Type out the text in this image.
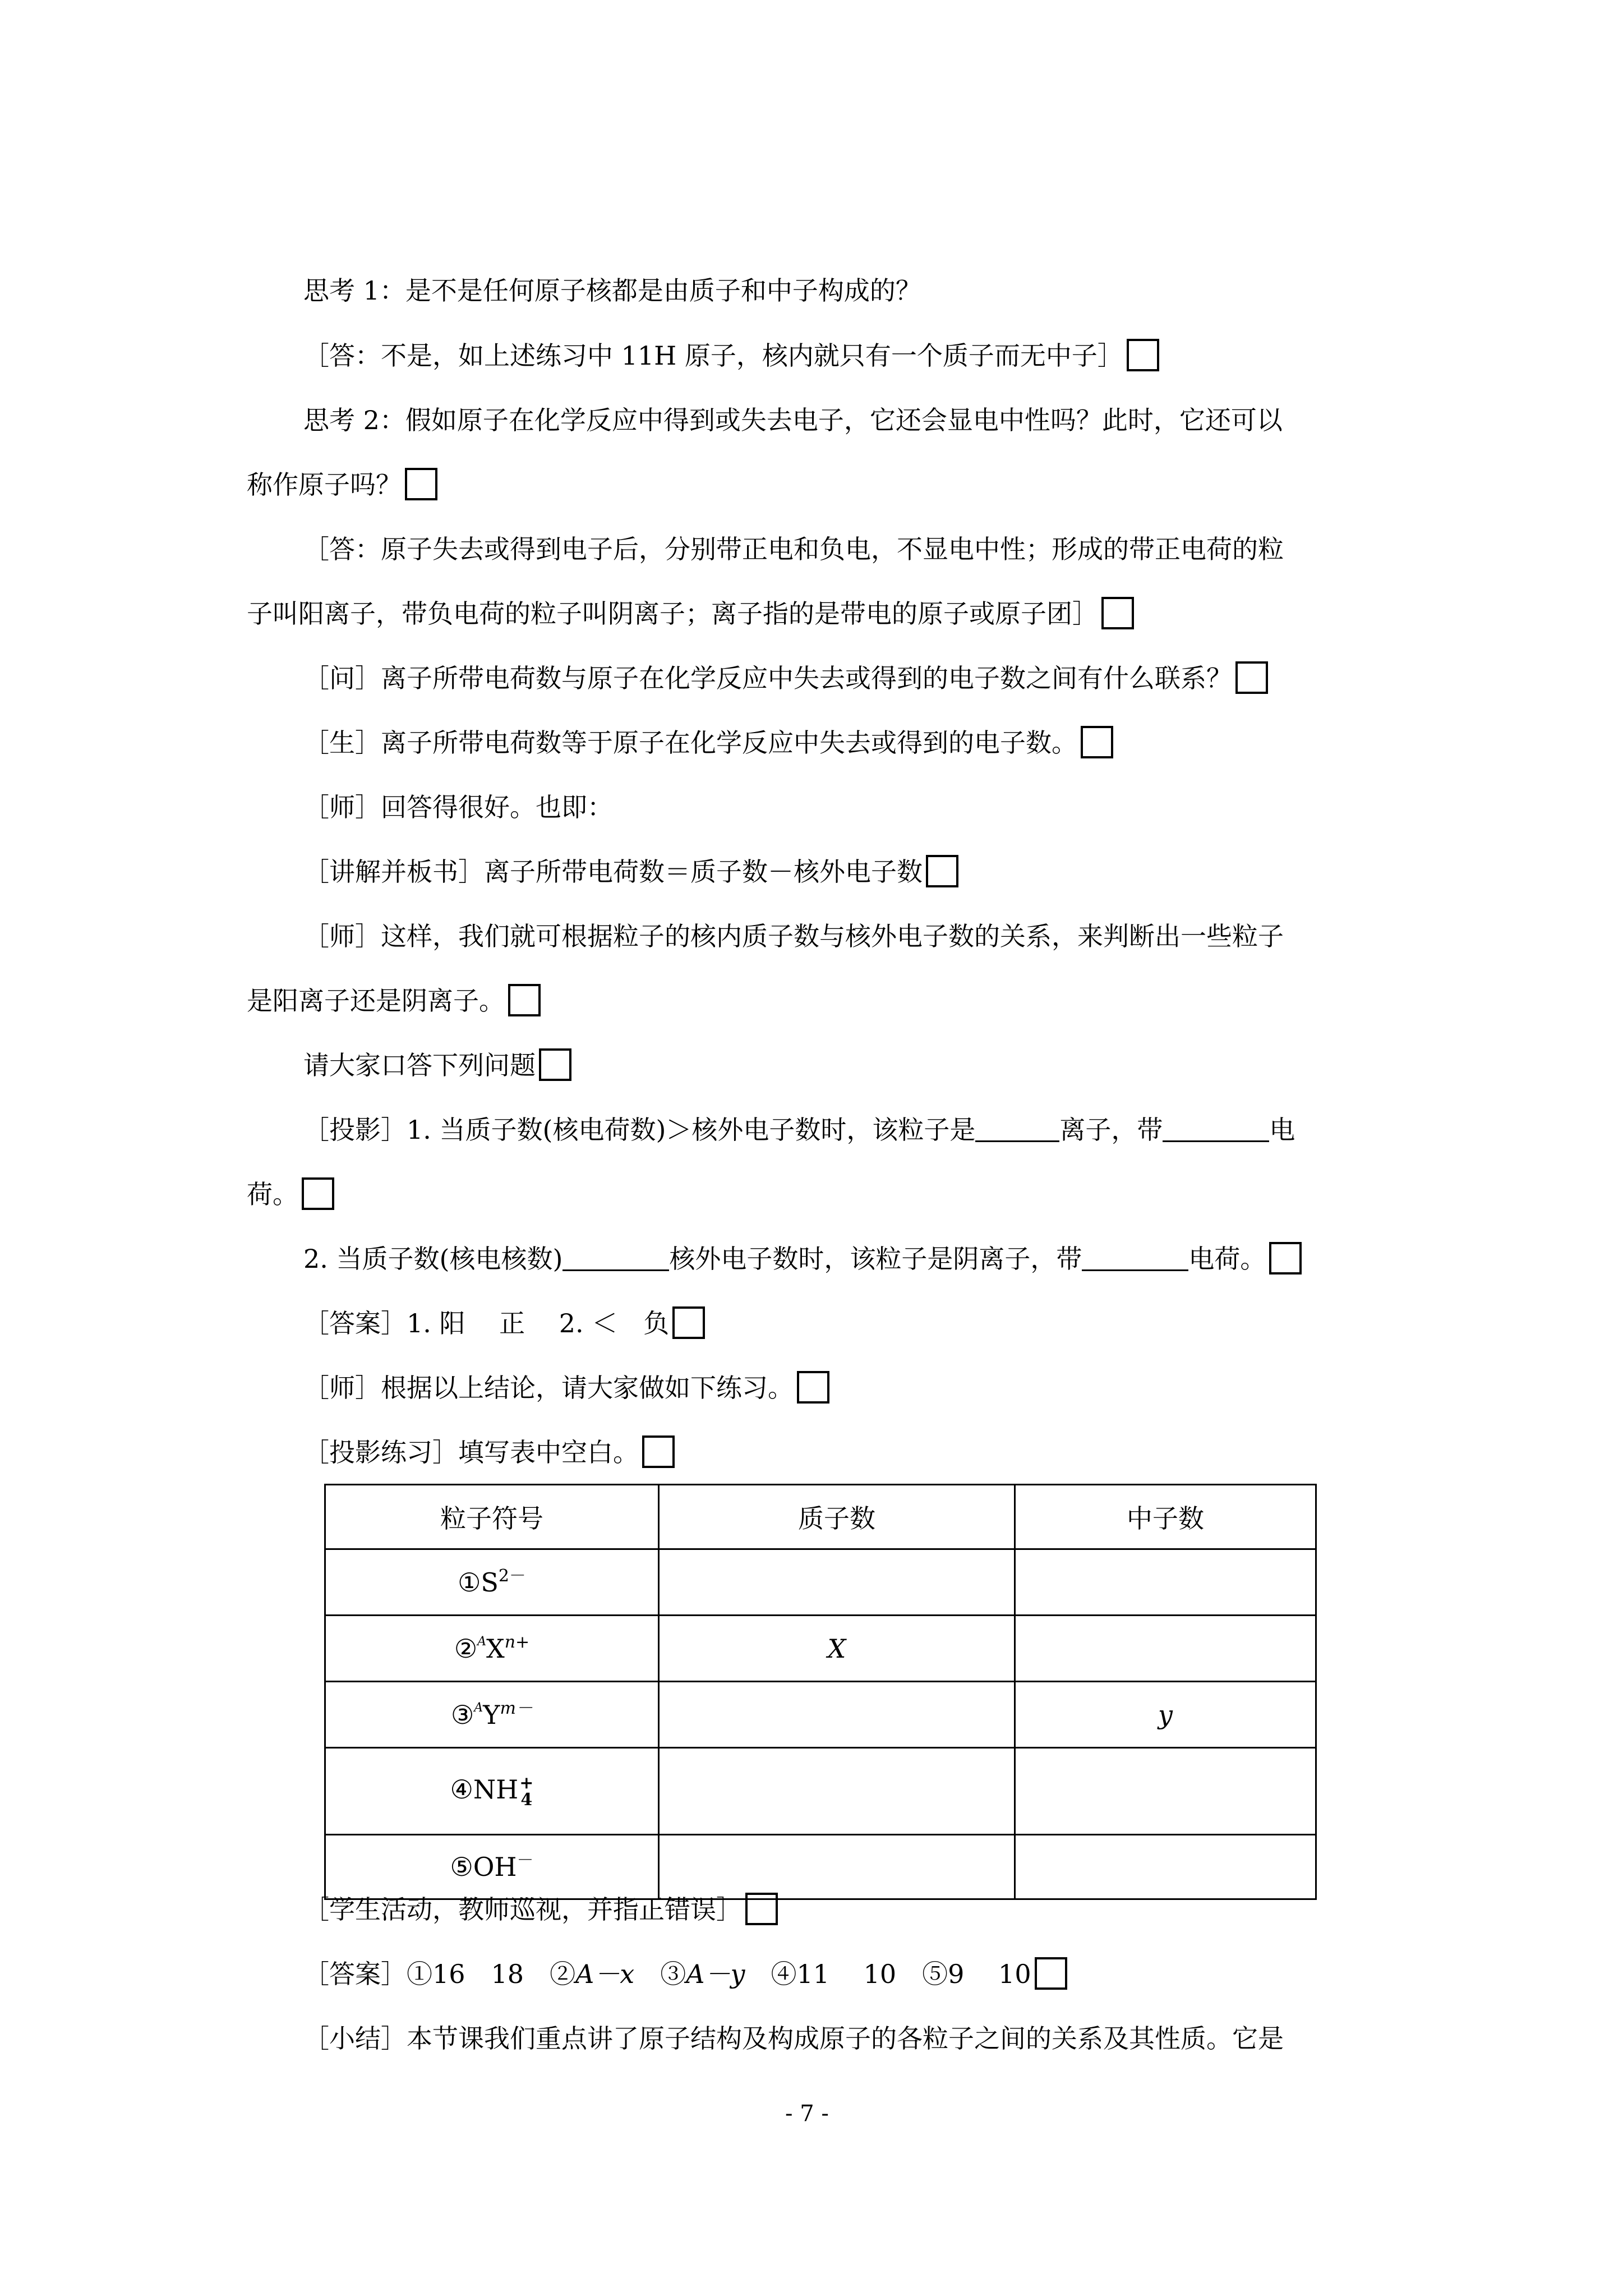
思考 1：是不是任何原子核都是由质子和中子构成的？
［答：不是，如上述练习中 11H 原子，核内就只有一个质子而无中子］
思考 2：假如原子在化学反应中得到或失去电子，它还会显电中性吗？此时，它还可以
称作原子吗？
［答：原子失去或得到电子后，分别带正电和负电，不显电中性；形成的带正电荷的粒
子叫阳离子，带负电荷的粒子叫阴离子；离子指的是带电的原子或原子团］
［问］离子所带电荷数与原子在化学反应中失去或得到的电子数之间有什么联系？
［生］离子所带电荷数等于原子在化学反应中失去或得到的电子数。
［师］回答得很好。也即：
［讲解并板书］离子所带电荷数＝质子数－核外电子数
［师］这样，我们就可根据粒子的核内质子数与核外电子数的关系，来判断出一些粒子
是阳离子还是阴离子。
请大家口答下列问题
［投影］1. 当质子数(核电荷数)＞核外电子数时，该粒子是	离子，带	电
荷。
2. 当质子数(核电核数)	核外电子数时，该粒子是阴离子，带	电荷。
［答案］1. 阳　 正　 2. ＜　负
［师］根据以上结论，请大家做如下练习。
［投影练习］填写表中空白。
粒子符号	质子数	中子数
$①S^{2-}$		
$②^AX^{n+}$	X	
$③^AY^{m-}$		y
④NH+
4		
⑤OH－		
［学生活动，教师巡视，并指正错误］
［答案］①16　18　②A－x　③A－y　④11　 10　⑤9　 10
［小结］本节课我们重点讲了原子结构及构成原子的各粒子之间的关系及其性质。它是
- 7 -
